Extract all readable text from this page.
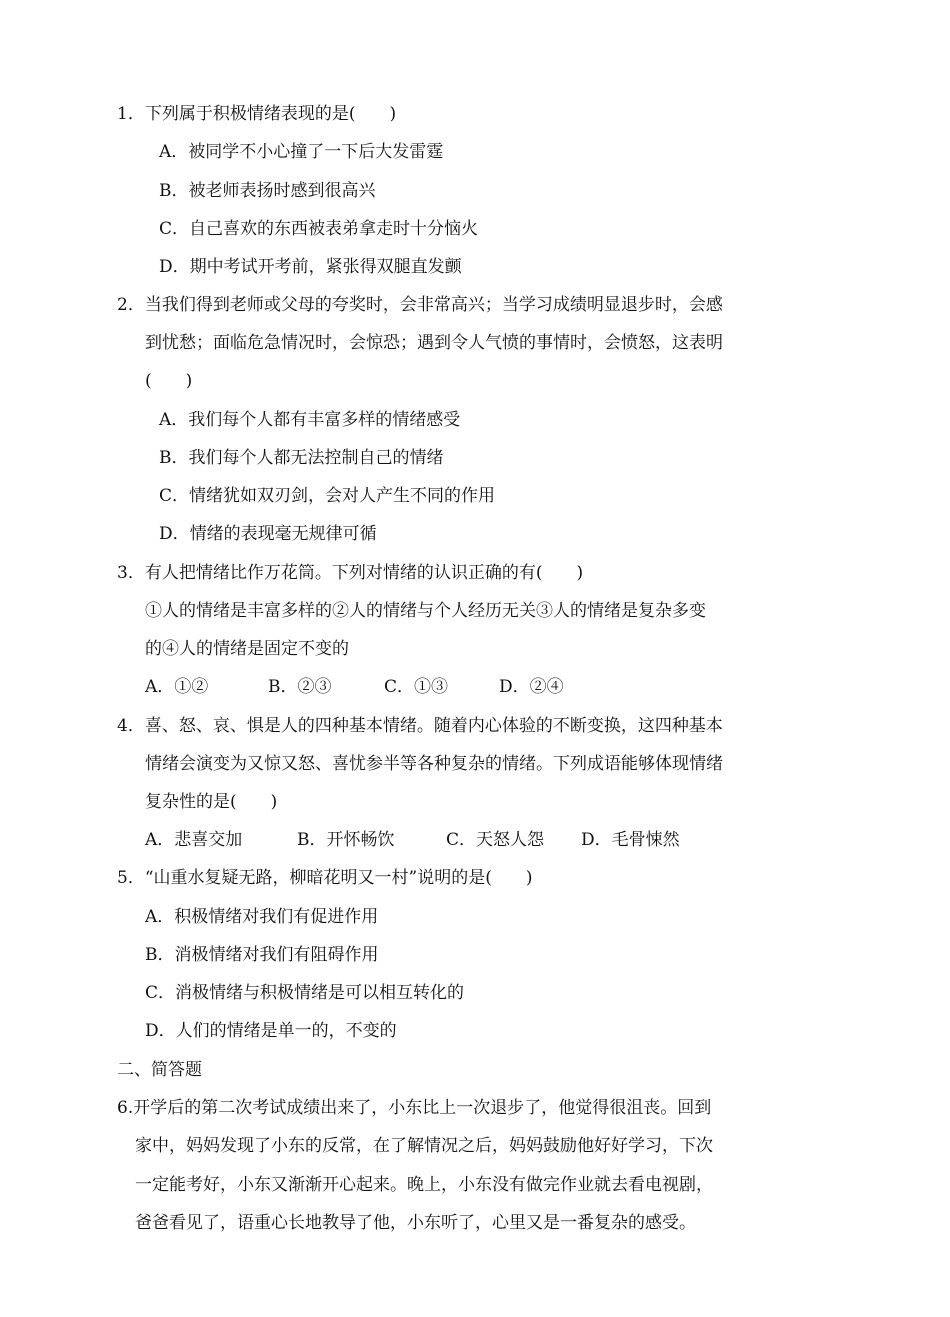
1．下列属于积极情绪表现的是(　　)
A．被同学不小心撞了一下后大发雷霆
B．被老师表扬时感到很高兴
C．自己喜欢的东西被表弟拿走时十分恼火
D．期中考试开考前，紧张得双腿直发颤
2．当我们得到老师或父母的夸奖时，会非常高兴；当学习成绩明显退步时，会感
到忧愁；面临危急情况时，会惊恐；遇到令人气愤的事情时，会愤怒，这表明
(　　)
A．我们每个人都有丰富多样的情绪感受
B．我们每个人都无法控制自己的情绪
C．情绪犹如双刃剑，会对人产生不同的作用
D．情绪的表现毫无规律可循
3．有人把情绪比作万花筒。下列对情绪的认识正确的有(　　)
①人的情绪是丰富多样的②人的情绪与个人经历无关③人的情绪是复杂多变
的④人的情绪是固定不变的
A．①②	B．②③	C．①③	D．②④
4．喜、怒、哀、惧是人的四种基本情绪。随着内心体验的不断变换，这四种基本
情绪会演变为又惊又怒、喜忧参半等各种复杂的情绪。下列成语能够体现情绪
复杂性的是(　　)
A．悲喜交加	B．开怀畅饮	C．天怒人怨 D．毛骨悚然
5．“山重水复疑无路，柳暗花明又一村”说明的是(　　)
A．积极情绪对我们有促进作用
B．消极情绪对我们有阻碍作用
C．消极情绪与积极情绪是可以相互转化的
D．人们的情绪是单一的，不变的
二、简答题
6.开学后的第二次考试成绩出来了，小东比上一次退步了，他觉得很沮丧。回到
家中，妈妈发现了小东的反常，在了解情况之后，妈妈鼓励他好好学习，下次
一定能考好，小东又渐渐开心起来。晚上，小东没有做完作业就去看电视剧，
爸爸看见了，语重心长地教导了他，小东听了，心里又是一番复杂的感受。
